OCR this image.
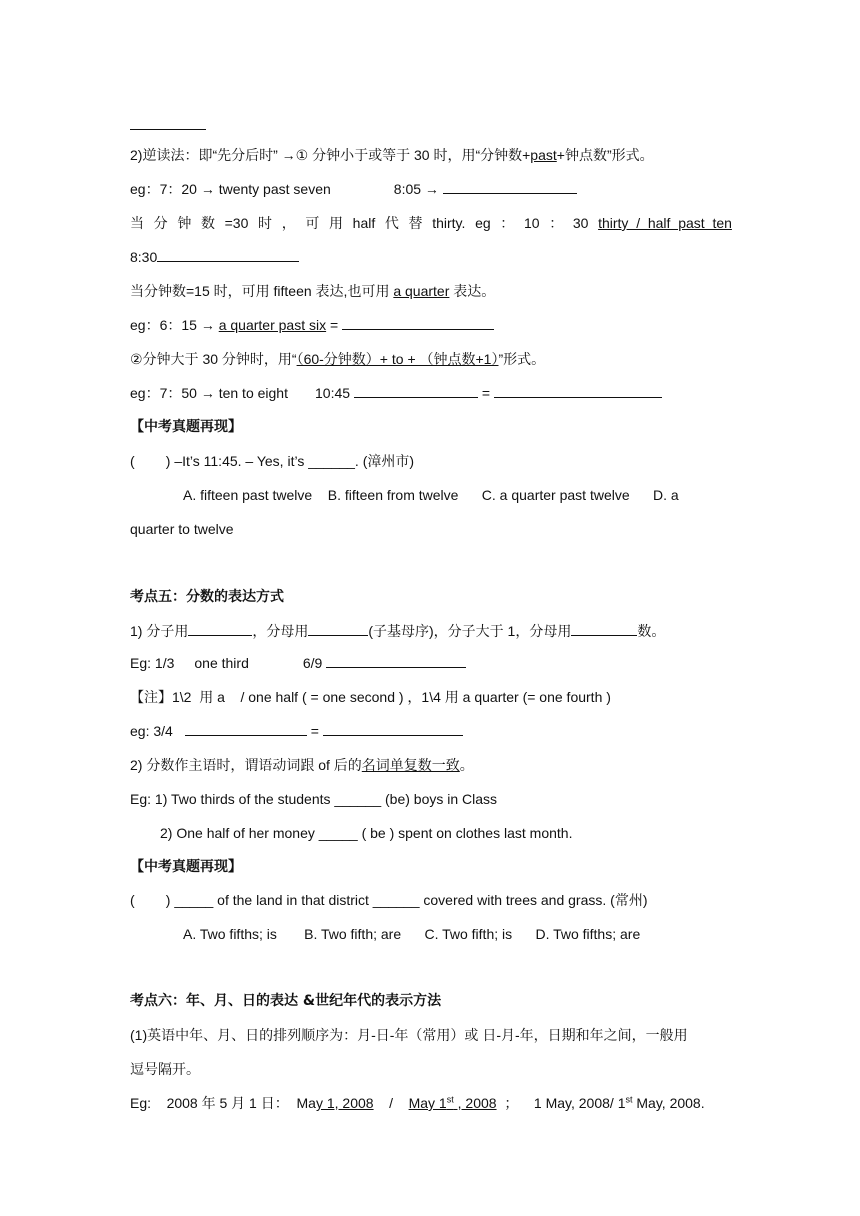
2)逆读法：即“先分后时” →① 分钟小于或等于 30 时，用“分钟数+past+钟点数”形式。
eg：7：20 → twenty past seven	8:05 →
当 分 钟 数 =30 时 ， 可 用 half 代 替 thirty. eg ： 10 ： 30 thirty  /  half  past  ten
8:30
当分钟数=15 时，可用 fifteen 表达,也可用 a quarter 表达。
eg：6：15 → a quarter past six =
②分钟大于 30 分钟时，用“（60-分钟数）+ to + （钟点数+1）”形式。
eg：7：50 → ten to eight 10:45	=
【中考真题再现】
(        ) –It’s 11:45. – Yes, it’s ______. (漳州市)
A. fifteen past twelve    B. fifteen from twelve      C. a quarter past twelve      D. a
quarter to twelve
考点五：分数的表达方式
1) 分子用	，分母用	(子基母序)，分子大于 1，分母用	数。
Eg: 1/3 one third	6/9
【注】1\2  用 a    / one half ( = one second ) ，1\4 用 a quarter (= one fourth )
eg: 3/4	=
2) 分数作主语时，谓语动词跟 of 后的名词单复数一致。
Eg: 1) Two thirds of the students ______ (be) boys in Class
2) One half of her money _____ ( be ) spent on clothes last month.
【中考真题再现】
(        ) _____ of the land in that district ______ covered with trees and grass. (常州)
A. Two fifths; is       B. Two fifth; are      C. Two fifth; is      D. Two fifths; are
考点六：年、月、日的表达 &世纪年代的表示方法
(1)英语中年、月、日的排列顺序为：月-日-年（常用）或 日-月-年，日期和年之间，一般用
逗号隔开。
Eg:    2008 年 5 月 1 日：  May 1, 2008 / May 1st , 2008 ；    1 May, 2008/ 1st May, 2008.
